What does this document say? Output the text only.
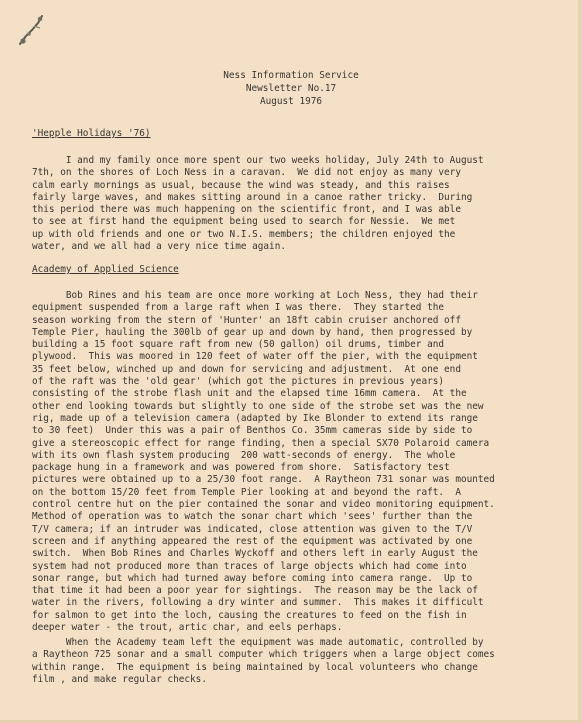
Ness Information Service
Newsletter No.17
August 1976
'Hepple Holidays '76)
I and my family once more spent our two weeks holiday, July 24th to August
7th, on the shores of Loch Ness in a caravan.  We did not enjoy as many very
calm early mornings as usual, because the wind was steady, and this raises
fairly large waves, and makes sitting around in a canoe rather tricky.  During
this period there was much happening on the scientific front, and I was able
to see at first hand the equipment being used to search for Nessie.  We met
up with old friends and one or two N.I.S. members; the children enjoyed the
water, and we all had a very nice time again.
Academy of Applied Science
Bob Rines and his team are once more working at Loch Ness, they had their
equipment suspended from a large raft when I was there.  They started the
season working from the stern of 'Hunter' an 18ft cabin cruiser anchored off
Temple Pier, hauling the 300lb of gear up and down by hand, then progressed by
building a 15 foot square raft from new (50 gallon) oil drums, timber and
plywood.  This was moored in 120 feet of water off the pier, with the equipment
35 feet below, winched up and down for servicing and adjustment.  At one end
of the raft was the 'old gear' (which got the pictures in previous years)
consisting of the strobe flash unit and the elapsed time 16mm camera.  At the
other end looking towards but slightly to one side of the strobe set was the new
rig, made up of a television camera (adapted by Ike Blonder to extend its range
to 30 feet)  Under this was a pair of Benthos Co. 35mm cameras side by side to
give a stereoscopic effect for range finding, then a special SX70 Polaroid camera
with its own flash system producing  200 watt-seconds of energy.  The whole
package hung in a framework and was powered from shore.  Satisfactory test
pictures were obtained up to a 25/30 foot range.  A Raytheon 731 sonar was mounted
on the bottom 15/20 feet from Temple Pier looking at and beyond the raft.  A
control centre hut on the pier contained the sonar and video monitoring equipment.
Method of operation was to watch the sonar chart which 'sees' further than the
T/V camera; if an intruder was indicated, close attention was given to the T/V
screen and if anything appeared the rest of the equipment was activated by one
switch.  When Bob Rines and Charles Wyckoff and others left in early August the
system had not produced more than traces of large objects which had come into
sonar range, but which had turned away before coming into camera range.  Up to
that time it had been a poor year for sightings.  The reason may be the lack of
water in the rivers, following a dry winter and summer.  This makes it difficult
for salmon to get into the loch, causing the creatures to feed on the fish in
deeper water - the trout, artic char, and eels perhaps.
When the Academy team left the equipment was made automatic, controlled by
a Raytheon 725 sonar and a small computer which triggers when a large object comes
within range.  The equipment is being maintained by local volunteers who change
film , and make regular checks.
